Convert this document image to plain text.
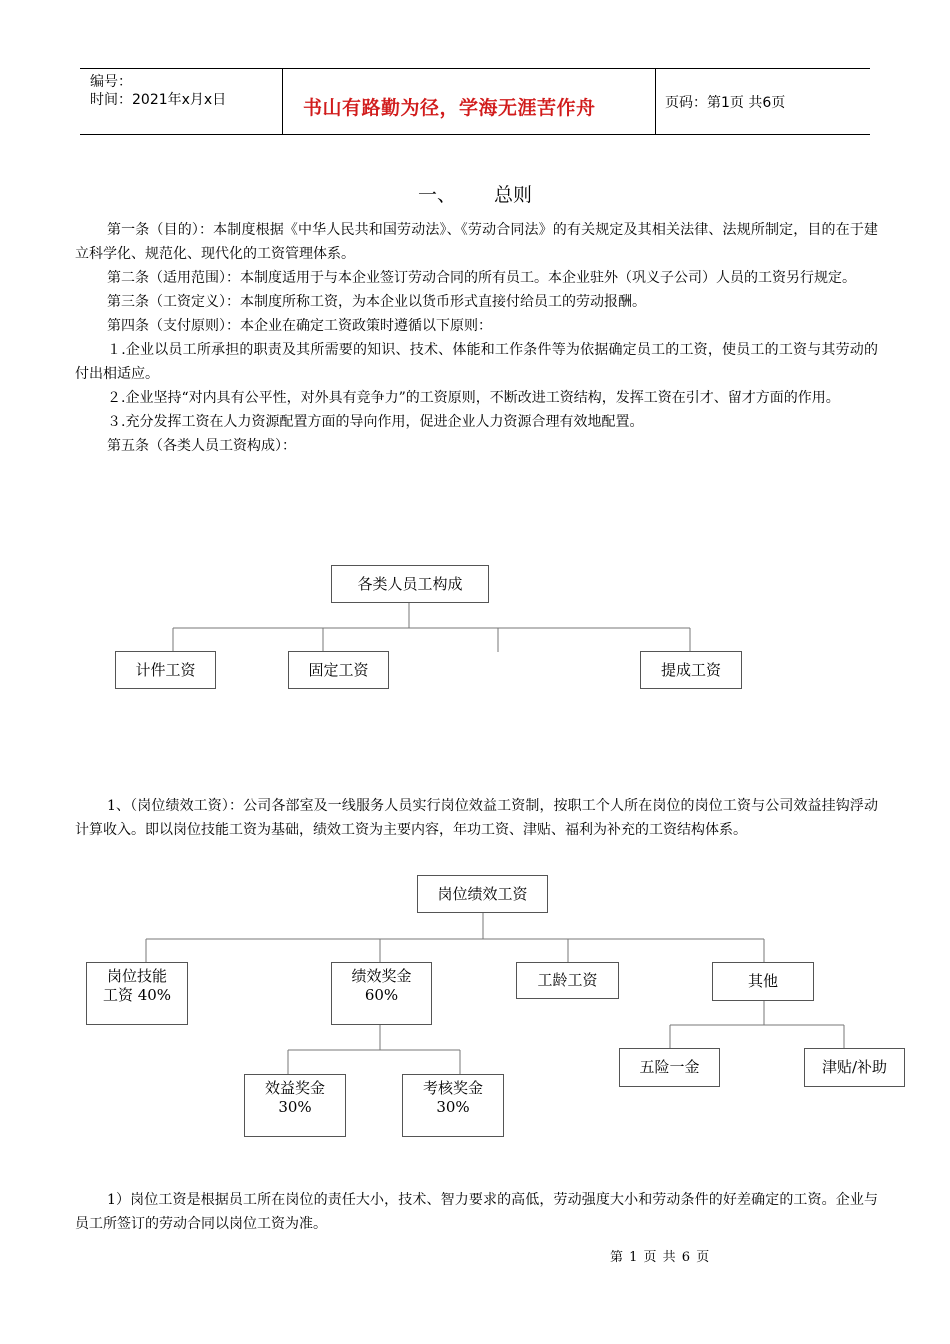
编号：
时间：2021年x月x日	书山有路勤为径，学海无涯苦作舟	页码：第1页 共6页
一、 总则

第一条（目的）：本制度根据《中华人民共和国劳动法》、《劳动合同法》的有关规定及其相关法律、法规所制定，目的在于建立科学化、规范化、现代化的工资管理体系。

第二条（适用范围）：本制度适用于与本企业签订劳动合同的所有员工。本企业驻外（巩义子公司）人员的工资另行规定。

第三条（工资定义）：本制度所称工资，为本企业以货币形式直接付给员工的劳动报酬。

第四条（支付原则）：本企业在确定工资政策时遵循以下原则：

１.企业以员工所承担的职责及其所需要的知识、技术、体能和工作条件等为依据确定员工的工资，使员工的工资与其劳动的付出相适应。

２.企业坚持“对内具有公平性，对外具有竞争力”的工资原则，不断改进工资结构，发挥工资在引才、留才方面的作用。

３.充分发挥工资在人力资源配置方面的导向作用，促进企业人力资源合理有效地配置。

第五条（各类人员工资构成）：

各类人员工构成
计件工资	固定工资	提成工资

1、（岗位绩效工资）：公司各部室及一线服务人员实行岗位效益工资制，按职工个人所在岗位的岗位工资与公司效益挂钩浮动计算收入。即以岗位技能工资为基础，绩效工资为主要内容，年功工资、津贴、福利为补充的工资结构体系。

岗位绩效工资
岗位技能
工资 40%
绩效奖金
60%
工龄工资	其他
效益奖金
30%
考核奖金
30%
五险一金	津贴/补助

1）岗位工资是根据员工所在岗位的责任大小，技术、智力要求的高低，劳动强度大小和劳动条件的好差确定的工资。企业与员工所签订的劳动合同以岗位工资为准。

第 1 页 共 6 页
